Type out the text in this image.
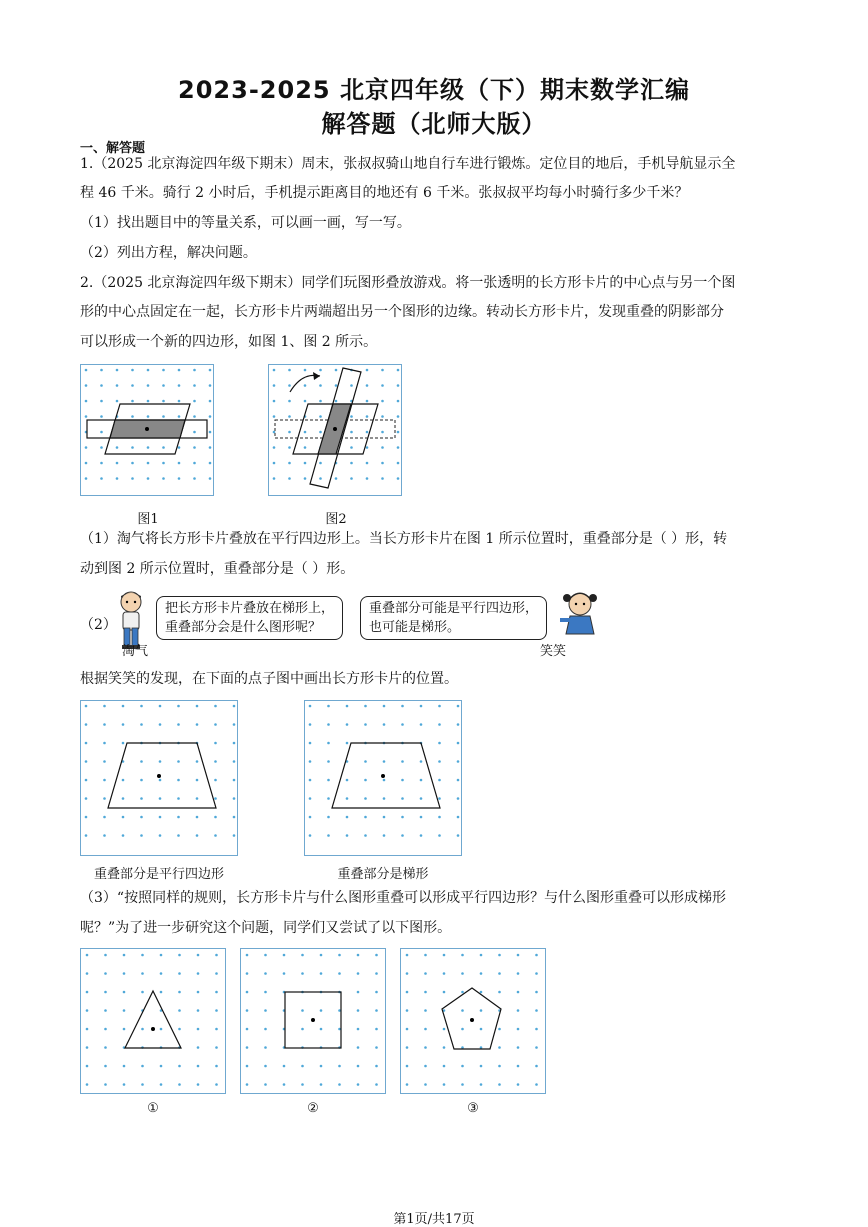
2023-2025 北京四年级（下）期末数学汇编
解答题（北师大版）
一、解答题
1.（2025 北京海淀四年级下期末）周末，张叔叔骑山地自行车进行锻炼。定位目的地后，手机导航显示全
程 46 千米。骑行 2 小时后，手机提示距离目的地还有 6 千米。张叔叔平均每小时骑行多少千米？
（1）找出题目中的等量关系，可以画一画，写一写。
（2）列出方程，解决问题。
2.（2025 北京海淀四年级下期末）同学们玩图形叠放游戏。将一张透明的长方形卡片的中心点与另一个图
形的中心点固定在一起，长方形卡片两端超出另一个图形的边缘。转动长方形卡片，发现重叠的阴影部分
可以形成一个新的四边形，如图 1、图 2 所示。
图1	图2
（1）淘气将长方形卡片叠放在平行四边形上。当长方形卡片在图 1 所示位置时，重叠部分是（ ）形，转
动到图 2 所示位置时，重叠部分是（ ）形。
（2）
把长方形卡片叠放在梯形上，
重叠部分会是什么图形呢？
淘气
重叠部分可能是平行四边形，
也可能是梯形。
笑笑
根据笑笑的发现，在下面的点子图中画出长方形卡片的位置。
重叠部分是平行四边形	重叠部分是梯形
（3）“按照同样的规则，长方形卡片与什么图形重叠可以形成平行四边形？与什么图形重叠可以形成梯形
呢？”为了进一步研究这个问题，同学们又尝试了以下图形。
①	②	③
第1页/共17页
